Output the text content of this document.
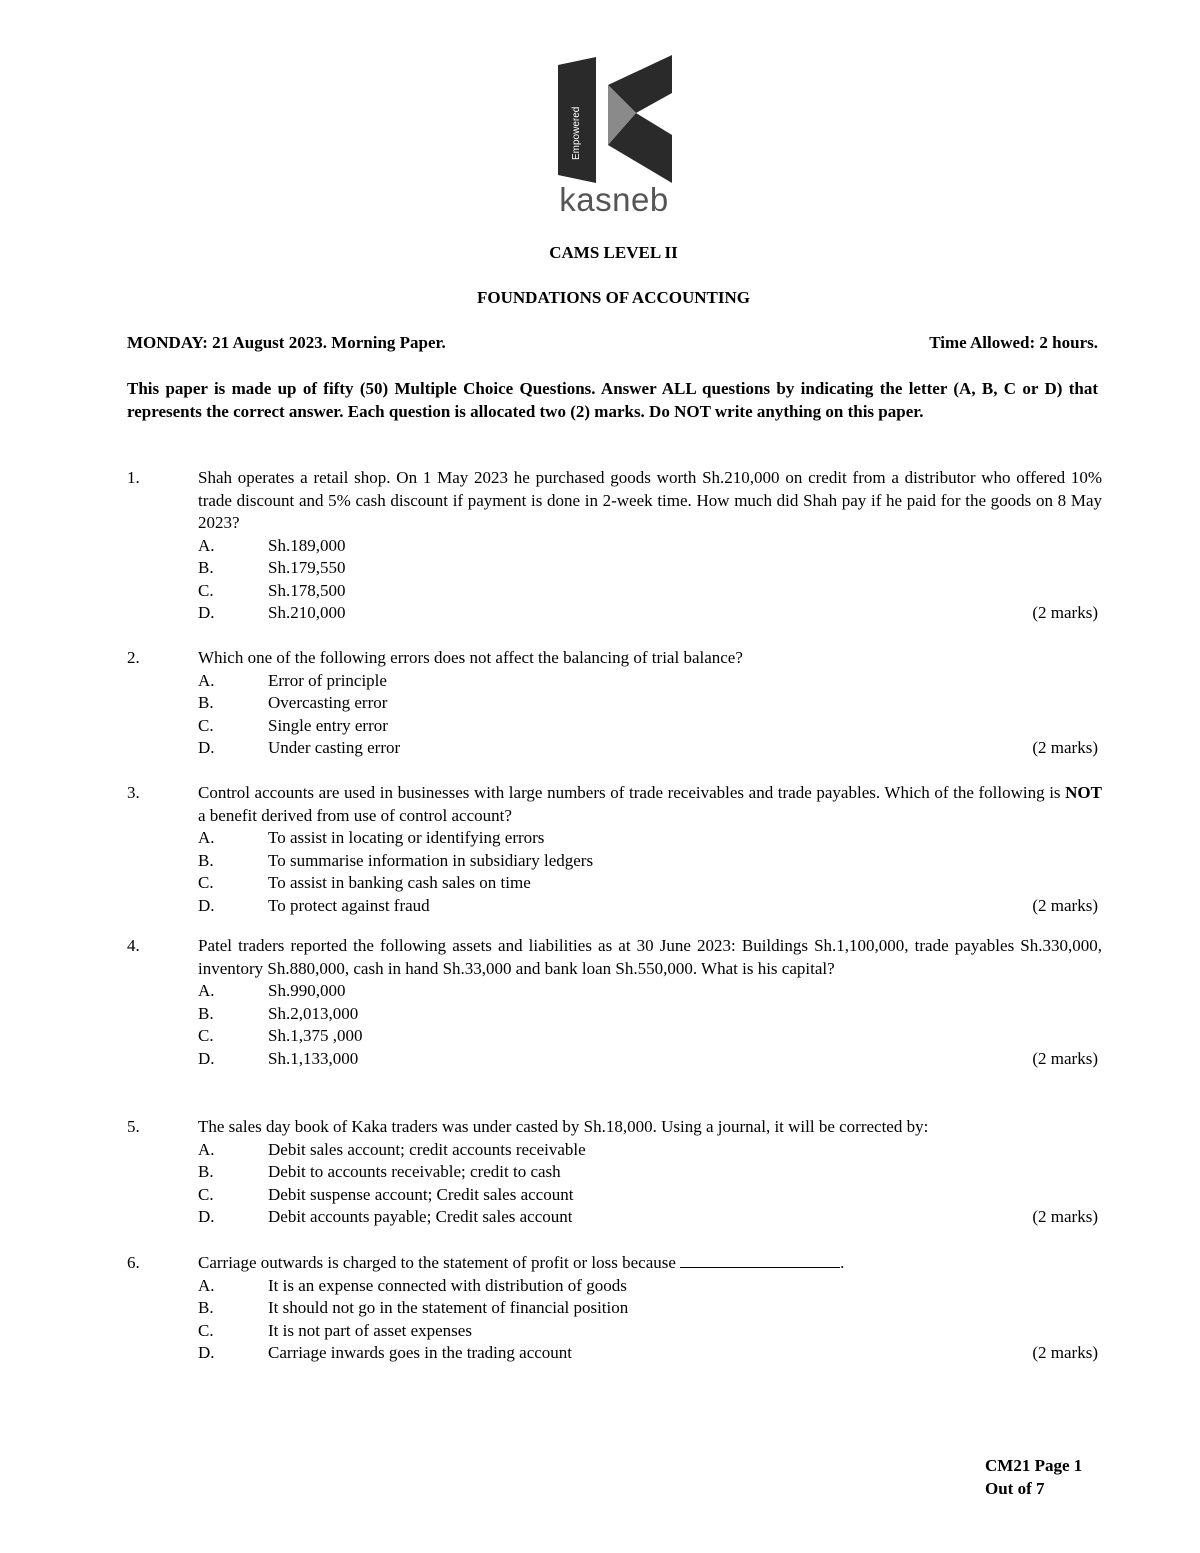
Empowered
kasneb
CAMS LEVEL II
FOUNDATIONS OF ACCOUNTING
MONDAY: 21 August 2023. Morning Paper.	Time Allowed: 2 hours.
This paper is made up of fifty (50) Multiple Choice Questions. Answer ALL questions by indicating the letter (A, B, C or D) that represents the correct answer. Each question is allocated two (2) marks. Do NOT write anything on this paper.
1.	Shah operates a retail shop. On 1 May 2023 he purchased goods worth Sh.210,000 on credit from a distributor who offered 10% trade discount and 5% cash discount if payment is done in 2-week time. How much did Shah pay if he paid for the goods on 8 May 2023?
A.	Sh.189,000
B.	Sh.179,550
C.	Sh.178,500
D.	Sh.210,000	(2 marks)
2.	Which one of the following errors does not affect the balancing of trial balance?
A.	Error of principle
B.	Overcasting error
C.	Single entry error
D.	Under casting error	(2 marks)
3.	Control accounts are used in businesses with large numbers of trade receivables and trade payables. Which of the following is NOT a benefit derived from use of control account?
A.	To assist in locating or identifying errors
B.	To summarise information in subsidiary ledgers
C.	To assist in banking cash sales on time
D.	To protect against fraud	(2 marks)
4.	Patel traders reported the following assets and liabilities as at 30 June 2023: Buildings Sh.1,100,000, trade payables Sh.330,000, inventory Sh.880,000, cash in hand Sh.33,000 and bank loan Sh.550,000. What is his capital?
A.	Sh.990,000
B.	Sh.2,013,000
C.	Sh.1,375 ,000
D.	Sh.1,133,000	(2 marks)
5.	The sales day book of Kaka traders was under casted by Sh.18,000. Using a journal, it will be corrected by:
A.	Debit sales account; credit accounts receivable
B.	Debit to accounts receivable; credit to cash
C.	Debit suspense account; Credit sales account
D.	Debit accounts payable; Credit sales account	(2 marks)
6.	Carriage outwards is charged to the statement of profit or loss because	.
A.	It is an expense connected with distribution of goods
B.	It should not go in the statement of financial position
C.	It is not part of asset expenses
D.	Carriage inwards goes in the trading account	(2 marks)
CM21 Page 1
Out of 7
